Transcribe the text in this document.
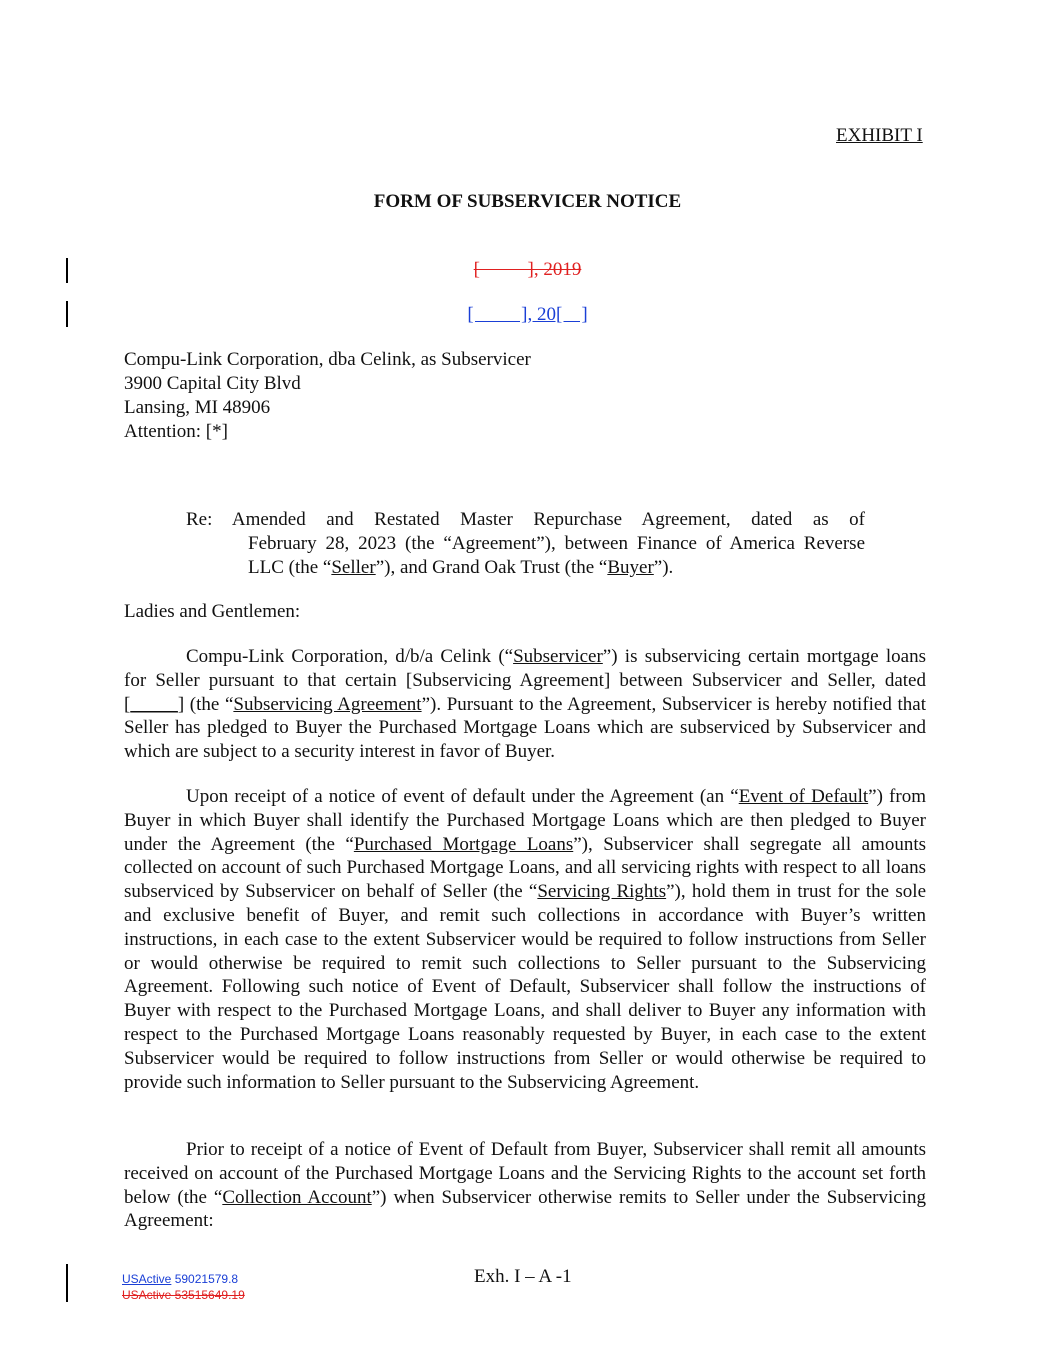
EXHIBIT I
FORM OF SUBSERVICER NOTICE
[          ], 2019
[          ], 20[    ]
Compu-Link Corporation, dba Celink, as Subservicer
3900 Capital City Blvd
Lansing, MI 48906
Attention: [*]
Re: Amended and Restated Master Repurchase Agreement, dated as of
February 28, 2023 (the “Agreement”), between Finance of America Reverse LLC (the “Seller”), and Grand Oak Trust (the “Buyer”).
Ladies and Gentlemen:
Compu-Link Corporation, d/b/a Celink (“Subservicer”) is subservicing certain mortgage loans for Seller pursuant to that certain [Subservicing Agreement] between Subservicer and Seller, dated [_____] (the “Subservicing Agreement”). Pursuant to the Agreement, Subservicer is hereby notified that Seller has pledged to Buyer the Purchased Mortgage Loans which are subserviced by Subservicer and which are subject to a security interest in favor of Buyer.
Upon receipt of a notice of event of default under the Agreement (an “Event of Default”) from Buyer in which Buyer shall identify the Purchased Mortgage Loans which are then pledged to Buyer under the Agreement (the “Purchased Mortgage Loans”), Subservicer shall segregate all amounts collected on account of such Purchased Mortgage Loans, and all servicing rights with respect to all loans subserviced by Subservicer on behalf of Seller (the “Servicing Rights”), hold them in trust for the sole and exclusive benefit of Buyer, and remit such collections in accordance with Buyer’s written instructions, in each case to the extent Subservicer would be required to follow instructions from Seller or would otherwise be required to remit such collections to Seller pursuant to the Subservicing Agreement. Following such notice of Event of Default, Subservicer shall follow the instructions of Buyer with respect to the Purchased Mortgage Loans, and shall deliver to Buyer any information with respect to the Purchased Mortgage Loans reasonably requested by Buyer, in each case to the extent Subservicer would be required to follow instructions from Seller or would otherwise be required to provide such information to Seller pursuant to the Subservicing Agreement.
Prior to receipt of a notice of Event of Default from Buyer, Subservicer shall remit all amounts received on account of the Purchased Mortgage Loans and the Servicing Rights to the account set forth below (the “Collection Account”) when Subservicer otherwise remits to Seller under the Subservicing Agreement:
USActive 59021579.8
USActive 53515649.19
Exh. I – A -1
